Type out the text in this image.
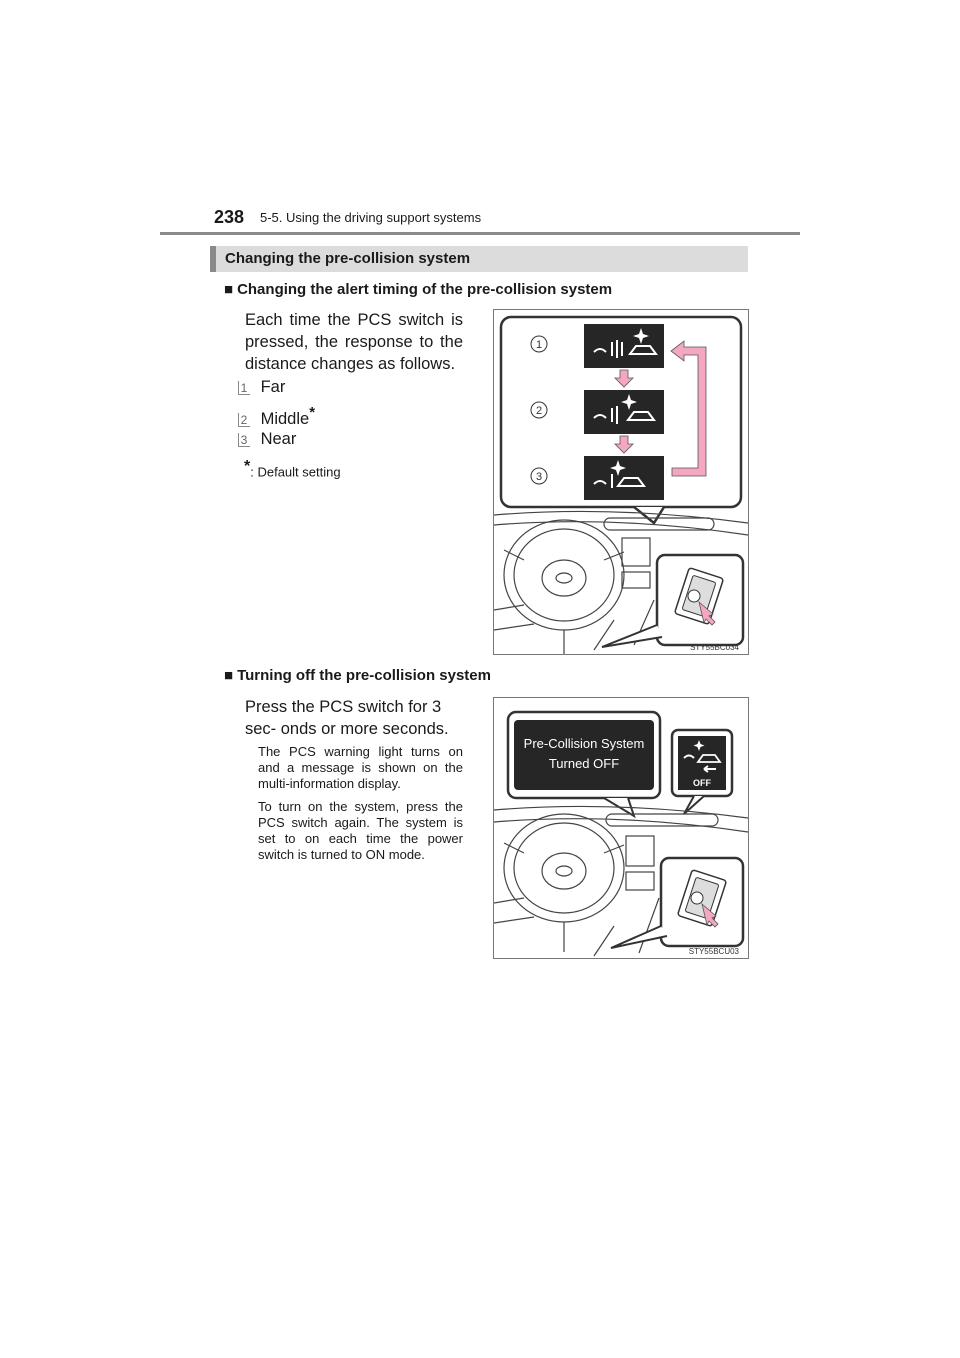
238 5-5. Using the driving support systems
Changing the pre-collision system
■ Changing the alert timing of the pre-collision system
Each time the PCS switch is pressed, the response to the distance changes as follows.
1 Far
2 Middle*
3 Near
*: Default setting
1
2
3
STY55BC034
■ Turning off the pre-collision system
Press the PCS switch for 3 sec- onds or more seconds.
The PCS warning light turns on and a message is shown on the multi-information display.
To turn on the system, press the PCS switch again. The system is set to on each time the power switch is turned to ON mode.
Pre-Collision System
Turned OFF
OFF
STY55BCU03
